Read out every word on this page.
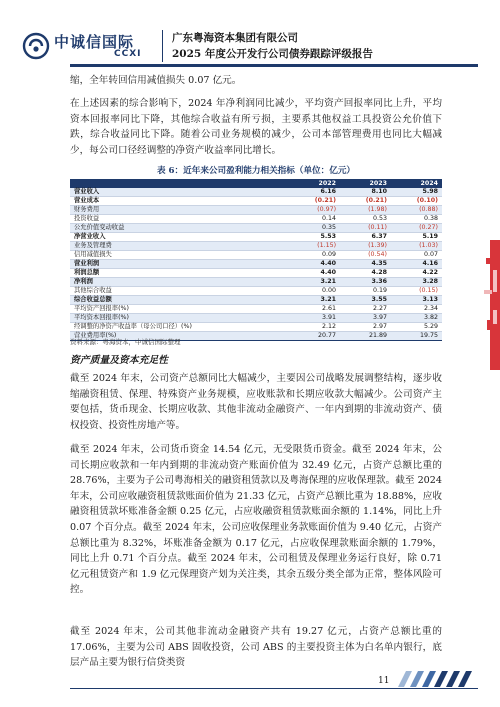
中诚信国际
CCXI
广东粤海资本集团有限公司
2025 年度公开发行公司债券跟踪评级报告
缩，全年转回信用减值损失 0.07 亿元。
在上述因素的综合影响下，2024 年净利润同比减少，平均资产回报率同比上升，平均资本回报率同比下降，其他综合收益有所亏损，主要系其他权益工具投资公允价值下跌，综合收益同比下降。随着公司业务规模的减少，公司本部管理费用也同比大幅减少，每公司口径经调整的净资产收益率同比增长。
表 6：近年来公司盈利能力相关指标（单位：亿元）
	2022	2023	2024
营业收入	6.16	8.10	5.98
营业成本	(0.21)	(0.21)	(0.10)
财务费用	(0.97)	(1.98)	(0.88)
投资收益	0.14	0.53	0.38
公允价值变动收益	0.35	(0.11)	(0.27)
净营业收入	5.53	6.37	5.19
业务及管理费	(1.15)	(1.39)	(1.03)
信用减值损失	0.09	(0.54)	0.07
营业利润	4.40	4.35	4.16
利润总额	4.40	4.28	4.22
净利润	3.21	3.36	3.28
其他综合收益	0.00	0.19	(0.15)
综合收益总额	3.21	3.55	3.13
平均资产回报率(%)	2.61	2.27	2.34
平均资本回报率(%)	3.91	3.97	3.82
经调整的净资产收益率（母公司口径）(%)	2.12	2.97	5.29
营业费用率(%)	20.77	21.89	19.75
资料来源：粤海资本，中诚信国际整理
资产质量及资本充足性
截至 2024 年末，公司资产总额同比大幅减少，主要因公司战略发展调整结构，逐步收缩融资租赁、保理、特殊资产业务规模，应收账款和长期应收款大幅减少。公司资产主要包括，货币现金、长期应收款、其他非流动金融资产、一年内到期的非流动资产、债权投资、投资性房地产等。
截至 2024 年末，公司货币资金 14.54 亿元，无受限货币资金。截至 2024 年末，公司长期应收款和一年内到期的非流动资产账面价值为 32.49 亿元，占资产总额比重的 28.76%，主要为子公司粤海相关的融资租赁款以及粤海保理的应收保理款。截至 2024 年末，公司应收融资租赁款账面价值为 21.33 亿元，占资产总额比重为 18.88%，应收融资租赁款坏账准备金额 0.25 亿元，占应收融资租赁款账面余额的 1.14%，同比上升 0.07 个百分点。截至 2024 年末，公司应收保理业务款账面价值为 9.40 亿元，占资产总额比重为 8.32%，坏账准备金额为 0.17 亿元，占应收保理款账面余额的 1.79%，同比上升 0.71 个百分点。截至 2024 年末，公司租赁及保理业务运行良好，除 0.71 亿元租赁资产和 1.9 亿元保理资产划为关注类，其余五级分类全部为正常，整体风险可控。
截至 2024 年末，公司其他非流动金融资产共有 19.27 亿元，占资产总额比重的 17.06%，主要为公司 ABS 固收投资，公司 ABS 的主要投资主体为白名单内银行，底层产品主要为银行信贷类资
11
